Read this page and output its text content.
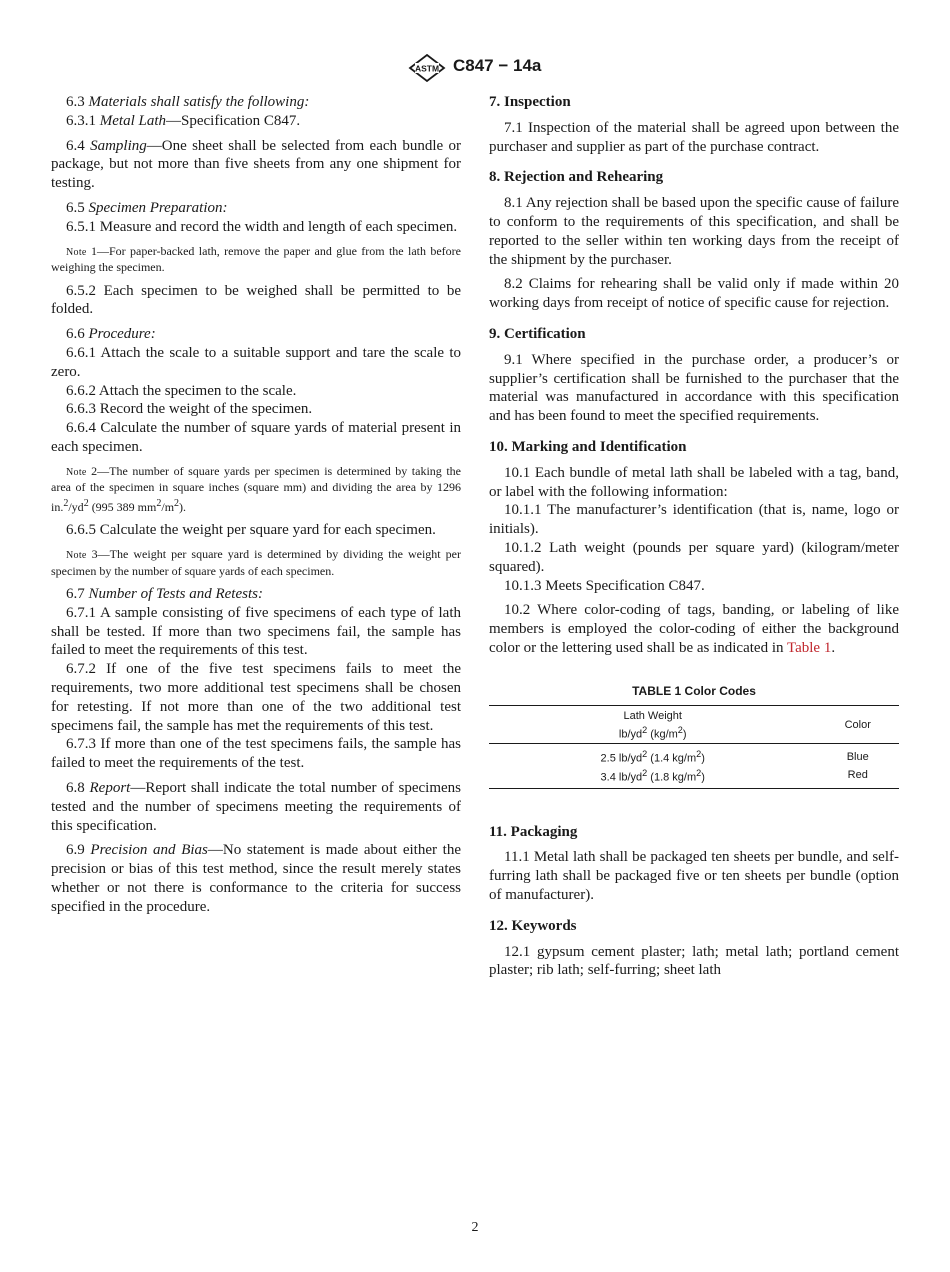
ASTM C847 − 14a

6.3 Materials shall satisfy the following:

6.3.1 Metal Lath—Specification C847.

6.4 Sampling—One sheet shall be selected from each bundle or package, but not more than five sheets from any one shipment for testing.

6.5 Specimen Preparation:

6.5.1 Measure and record the width and length of each specimen.

Note 1—For paper-backed lath, remove the paper and glue from the lath before weighing the specimen.

6.5.2 Each specimen to be weighed shall be permitted to be folded.

6.6 Procedure:

6.6.1 Attach the scale to a suitable support and tare the scale to zero.

6.6.2 Attach the specimen to the scale.

6.6.3 Record the weight of the specimen.

6.6.4 Calculate the number of square yards of material present in each specimen.

Note 2—The number of square yards per specimen is determined by taking the area of the specimen in square inches (square mm) and dividing the area by 1296 $in.^2/yd^2$ (995 389 $mm^2/m^2$).

6.6.5 Calculate the weight per square yard for each specimen.

Note 3—The weight per square yard is determined by dividing the weight per specimen by the number of square yards of each specimen.

6.7 Number of Tests and Retests:

6.7.1 A sample consisting of five specimens of each type of lath shall be tested. If more than two specimens fail, the sample has failed to meet the requirements of this test.

6.7.2 If one of the five test specimens fails to meet the requirements, two more additional test specimens shall be chosen for retesting. If not more than one of the two additional test specimens fail, the sample has met the requirements of this test.

6.7.3 If more than one of the test specimens fails, the sample has failed to meet the requirements of the test.

6.8 Report—Report shall indicate the total number of specimens tested and the number of specimens meeting the requirements of this specification.

6.9 Precision and Bias—No statement is made about either the precision or bias of this test method, since the result merely states whether or not there is conformance to the criteria for success specified in the procedure.

7. Inspection

7.1 Inspection of the material shall be agreed upon between the purchaser and supplier as part of the purchase contract.

8. Rejection and Rehearing

8.1 Any rejection shall be based upon the specific cause of failure to conform to the requirements of this specification, and shall be reported to the seller within ten working days from the receipt of the shipment by the purchaser.

8.2 Claims for rehearing shall be valid only if made within 20 working days from receipt of notice of specific cause for rejection.

9. Certification

9.1 Where specified in the purchase order, a producer’s or supplier’s certification shall be furnished to the purchaser that the material was manufactured in accordance with this specification and has been found to meet the specified requirements.

10. Marking and Identification

10.1 Each bundle of metal lath shall be labeled with a tag, band, or label with the following information:

10.1.1 The manufacturer’s identification (that is, name, logo or initials).

10.1.2 Lath weight (pounds per square yard) (kilogram/meter squared).

10.1.3 Meets Specification C847.

10.2 Where color-coding of tags, banding, or labeling of like members is employed the color-coding of either the background color or the lettering used shall be as indicated in Table 1.

TABLE 1 Color Codes
Lath Weight
$lb/yd^2$ $(kg/m^2)$	Color
2.5 $lb/yd^2$ (1.4 $kg/m^2$)	Blue
3.4 $lb/yd^2$ (1.8 $kg/m^2$)	Red
11. Packaging

11.1 Metal lath shall be packaged ten sheets per bundle, and self-furring lath shall be packaged five or ten sheets per bundle (option of manufacturer).

12. Keywords

12.1 gypsum cement plaster; lath; metal lath; portland cement plaster; rib lath; self-furring; sheet lath

2
